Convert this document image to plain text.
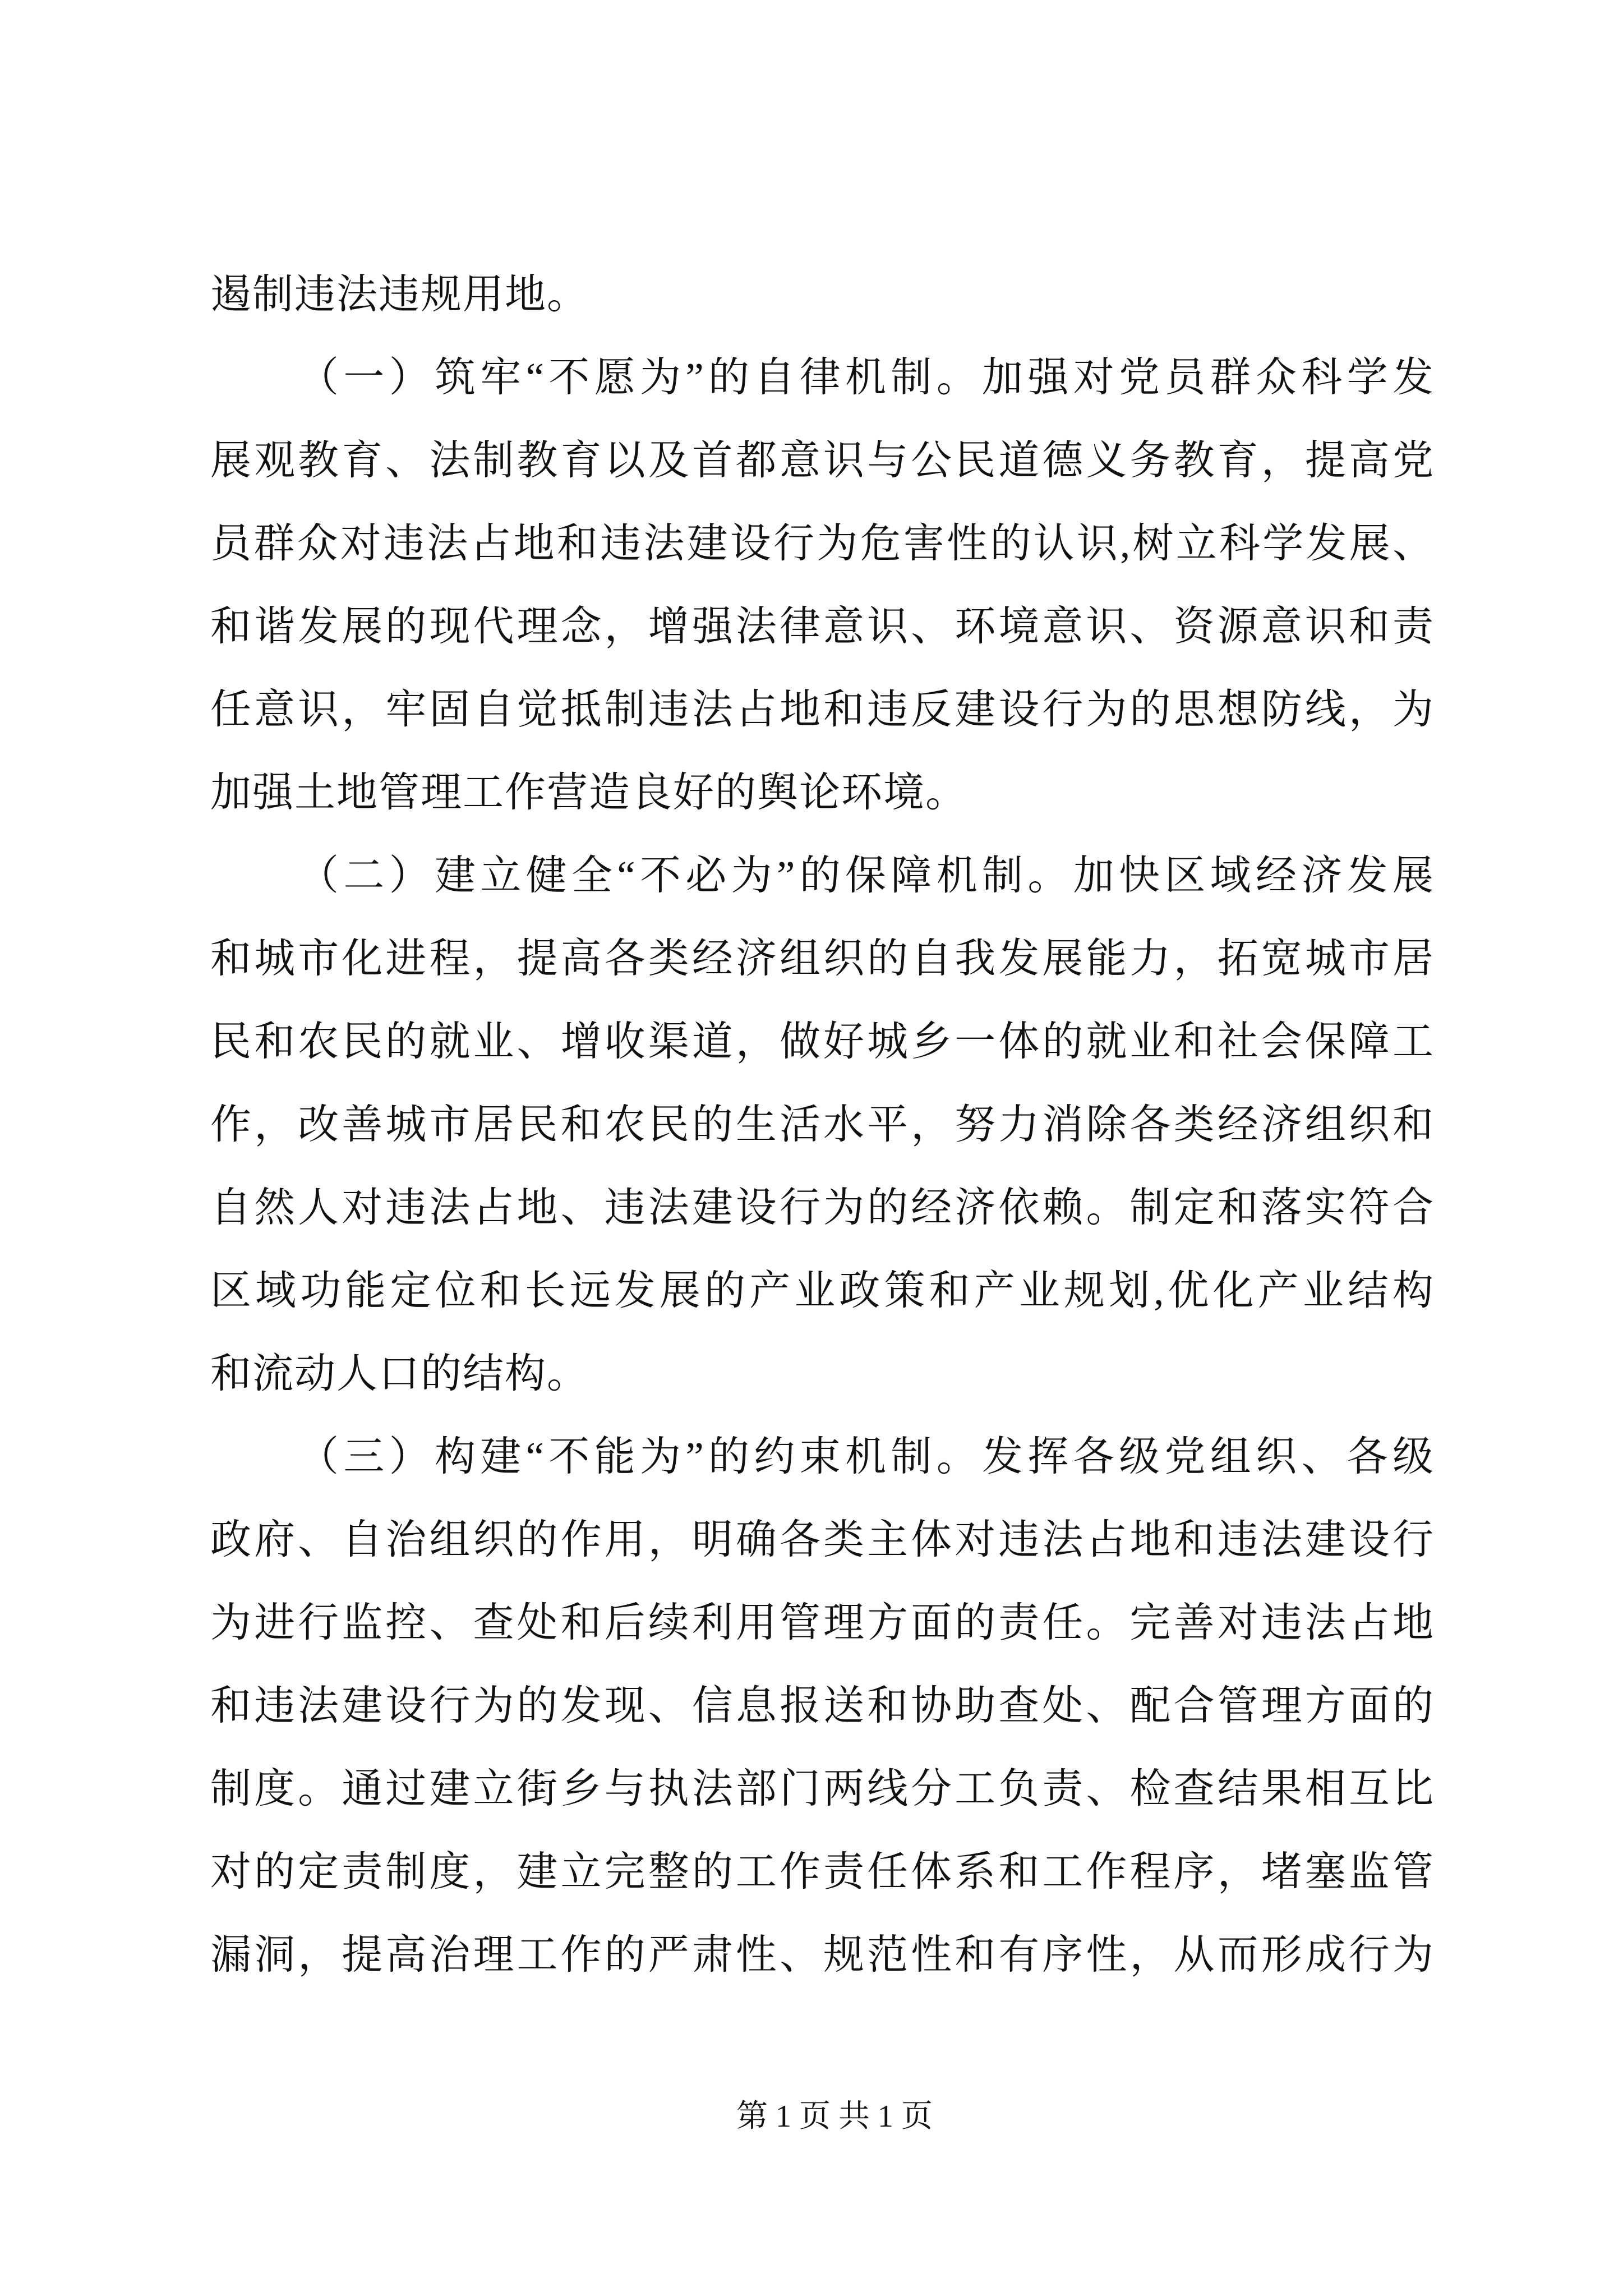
遏制违法违规用地。
（一）筑牢“不愿为”的自律机制。加强对党员群众科学发
展观教育、法制教育以及首都意识与公民道德义务教育，提高党
员群众对违法占地和违法建设行为危害性的认识,树立科学发展、
和谐发展的现代理念，增强法律意识、环境意识、资源意识和责
任意识，牢固自觉抵制违法占地和违反建设行为的思想防线，为
加强土地管理工作营造良好的舆论环境。
（二）建立健全“不必为”的保障机制。加快区域经济发展
和城市化进程，提高各类经济组织的自我发展能力，拓宽城市居
民和农民的就业、增收渠道，做好城乡一体的就业和社会保障工
作，改善城市居民和农民的生活水平，努力消除各类经济组织和
自然人对违法占地、违法建设行为的经济依赖。制定和落实符合
区域功能定位和长远发展的产业政策和产业规划,优化产业结构
和流动人口的结构。
（三）构建“不能为”的约束机制。发挥各级党组织、各级
政府、自治组织的作用，明确各类主体对违法占地和违法建设行
为进行监控、查处和后续利用管理方面的责任。完善对违法占地
和违法建设行为的发现、信息报送和协助查处、配合管理方面的
制度。通过建立街乡与执法部门两线分工负责、检查结果相互比
对的定责制度，建立完整的工作责任体系和工作程序，堵塞监管
漏洞，提高治理工作的严肃性、规范性和有序性，从而形成行为
第 1 页 共 1 页
